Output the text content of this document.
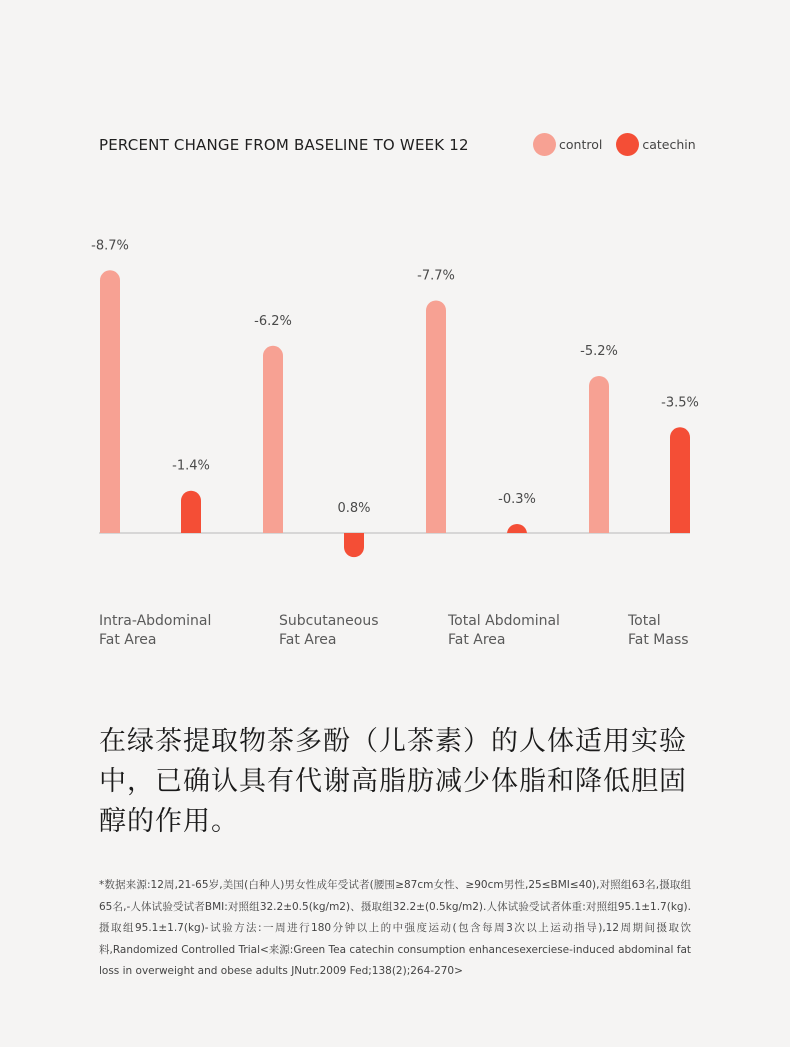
PERCENT CHANGE FROM BASELINE TO WEEK 12	control	catechin
-8.7%
-6.2%
-7.7%
-5.2%
-1.4%
0.8%
-0.3%
-3.5%
Intra-Abdominal
Fat Area
Subcutaneous
Fat Area
Total Abdominal
Fat Area
Total
Fat Mass
在绿茶提取物茶多酚（儿茶素）的人体适用实验中，已确认具有代谢高脂肪减少体脂和降低胆固醇的作用。
*数据来源:12周,21-65岁,美国(白种人)男女性成年受试者(腰围≥87cm女性、≥90cm男性,25≤BMI≤40),对照组63名,摄取组65名,-人体试验受试者BMI:对照组32.2±0.5(kg/m2)、摄取组32.2±(0.5kg/m2).人体试验受试者体重:对照组95.1±1.7(kg).摄取组95.1±1.7(kg)-试验方法:一周进行180分钟以上的中强度运动(包含每周3次以上运动指导),12周期间摄取饮料,Randomized Controlled Trial<来源:Green Tea catechin consumption enhancesexerciese-induced abdominal fat loss in overweight and obese adults JNutr.2009 Fed;138(2);264-270>
